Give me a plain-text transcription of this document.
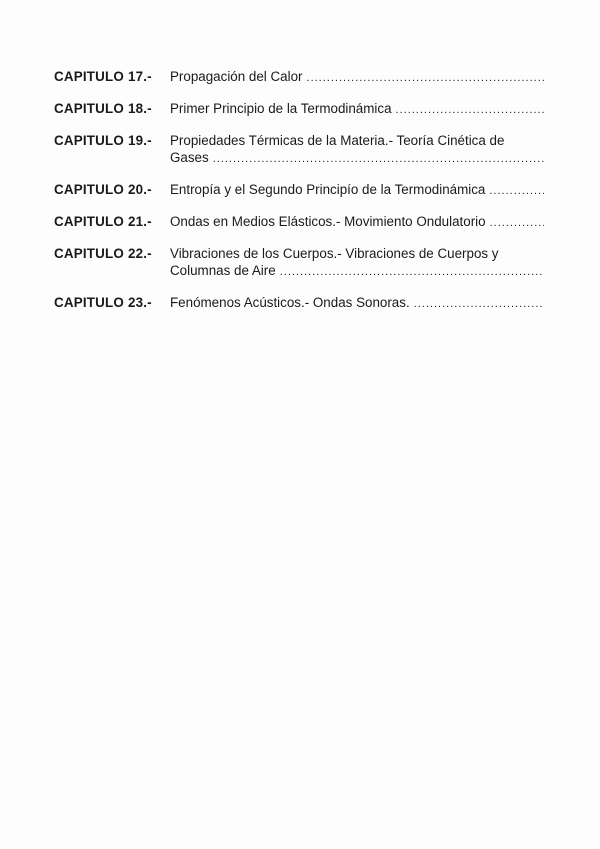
CAPITULO 17.-	Propagación del Calor
.....
CAPITULO 18.-	Primer Principio de la Termodinámica
.....
CAPITULO 19.-	Propiedades Térmicas de la Materia.- Teoría Cinética de
Gases
.....
CAPITULO 20.-	Entropía y el Segundo Principío de la Termodinámica
.....
CAPITULO 21.-	Ondas en Medios Elásticos.- Movimiento Ondulatorio
.....
CAPITULO 22.-	Vibraciones de los Cuerpos.- Vibraciones de Cuerpos y
Columnas de Aire
.....
CAPITULO 23.-	Fenómenos Acústicos.- Ondas Sonoras.
.....
